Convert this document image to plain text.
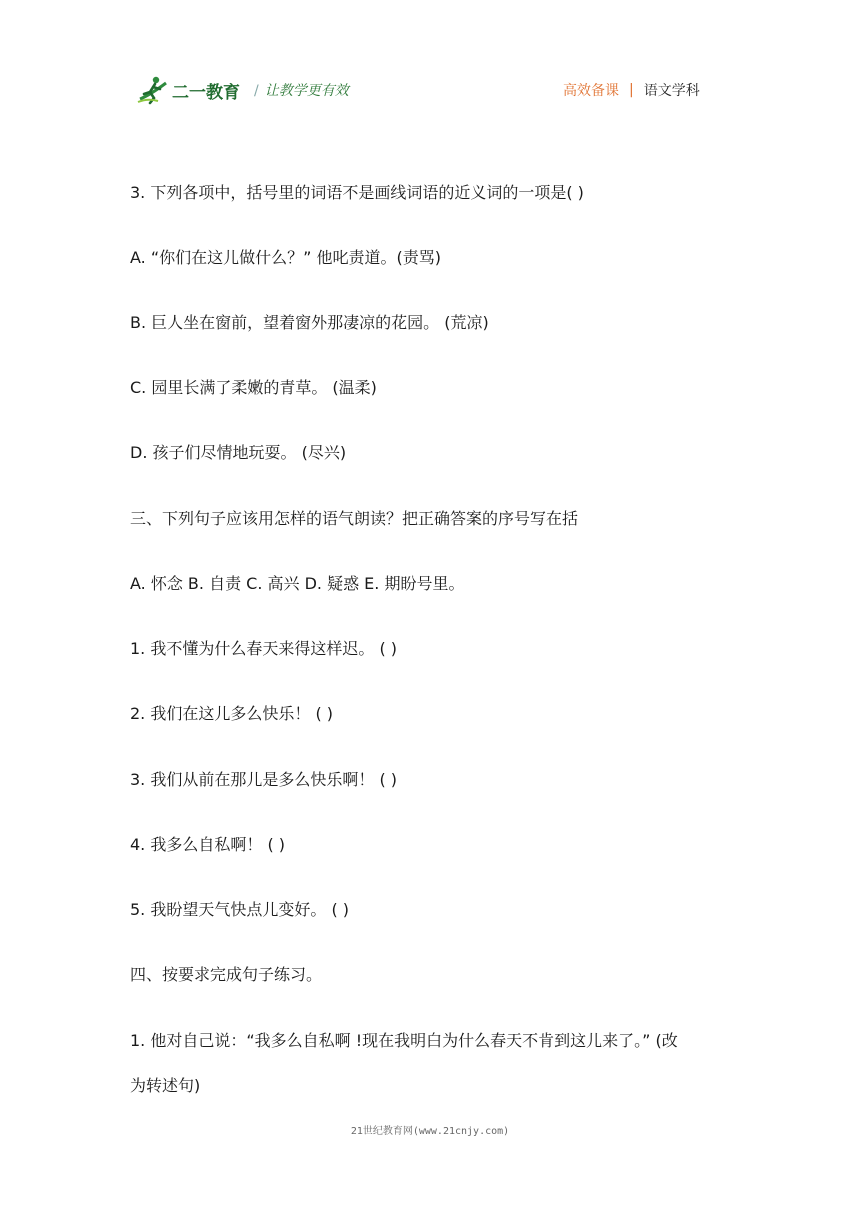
二一教育 / 让教学更有效	高效备课 | 语文学科
3. 下列各项中，括号里的词语不是画线词语的近义词的一项是( )
A. “你们在这儿做什么？” 他叱责道。(责骂)
B. 巨人坐在窗前，望着窗外那凄凉的花园。 (荒凉)
C. 园里长满了柔嫩的青草。 (温柔)
D. 孩子们尽情地玩耍。 (尽兴)
三、下列句子应该用怎样的语气朗读？把正确答案的序号写在括
A. 怀念 B. 自责 C. 高兴 D. 疑惑 E. 期盼号里。
1. 我不懂为什么春天来得这样迟。 ( )
2. 我们在这儿多么快乐！ ( )
3. 我们从前在那儿是多么快乐啊！ ( )
4. 我多么自私啊！ ( )
5. 我盼望天气快点儿变好。 ( )
四、按要求完成句子练习。
1. 他对自己说：“我多么自私啊 !现在我明白为什么春天不肯到这儿来了。” (改
为转述句)
21世纪教育网(www.21cnjy.com)
